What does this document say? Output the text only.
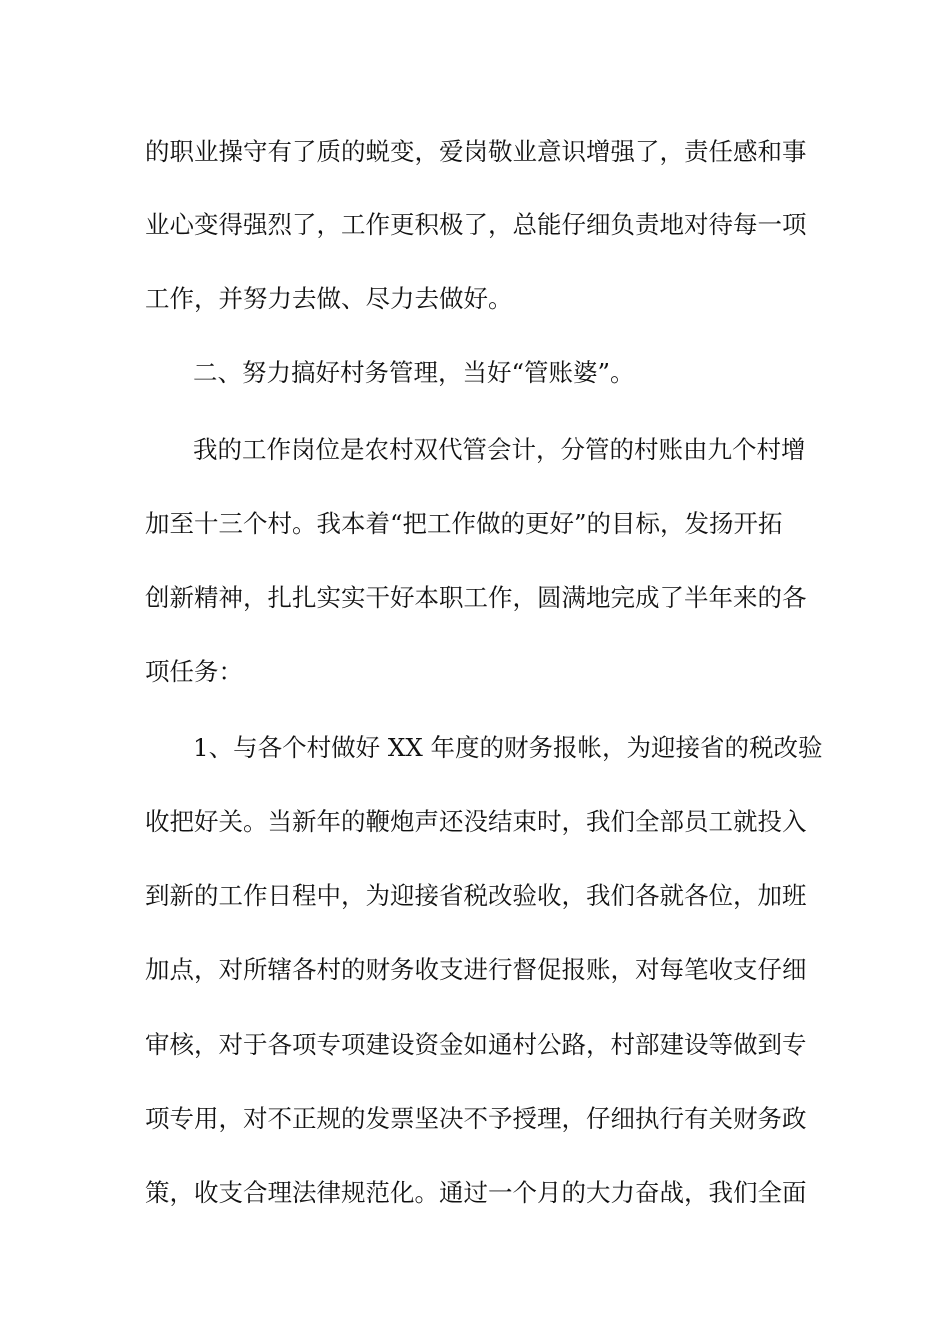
的职业操守有了质的蜕变，爱岗敬业意识增强了，责任感和事
业心变得强烈了，工作更积极了，总能仔细负责地对待每一项
工作，并努力去做、尽力去做好。
二、努力搞好村务管理，当好“管账婆”。
我的工作岗位是农村双代管会计，分管的村账由九个村增
加至十三个村。我本着“把工作做的更好”的目标，发扬开拓
创新精神，扎扎实实干好本职工作，圆满地完成了半年来的各
项任务：
1、与各个村做好 XX 年度的财务报帐，为迎接省的税改验
收把好关。当新年的鞭炮声还没结束时，我们全部员工就投入
到新的工作日程中，为迎接省税改验收，我们各就各位，加班
加点，对所辖各村的财务收支进行督促报账，对每笔收支仔细
审核，对于各项专项建设资金如通村公路，村部建设等做到专
项专用，对不正规的发票坚决不予授理，仔细执行有关财务政
策，收支合理法律规范化。通过一个月的大力奋战，我们全面
